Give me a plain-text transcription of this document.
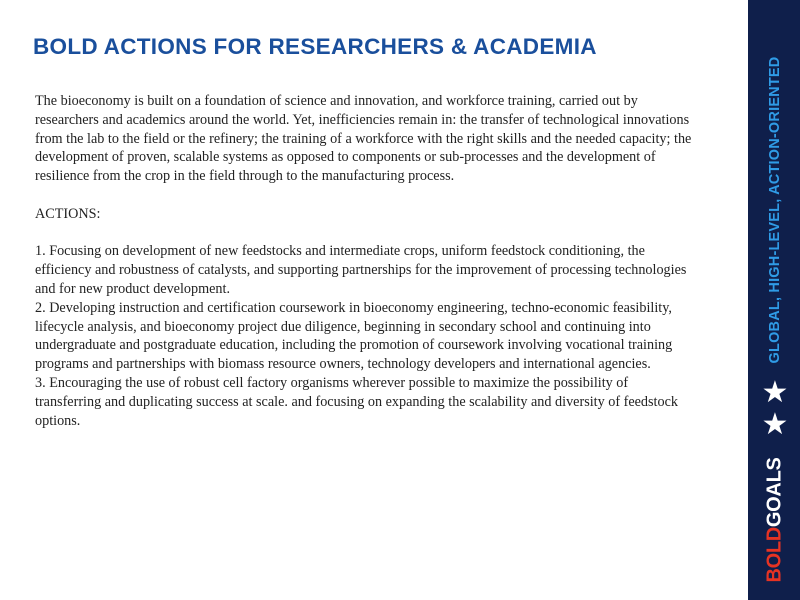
BOLD ACTIONS FOR RESEARCHERS & ACADEMIA

The bioeconomy is built on a foundation of science and innovation, and workforce training, carried out by researchers and academics around the world. Yet, inefficiencies remain in: the transfer of technological innovations from the lab to the field or the refinery; the training of a workforce with the right skills and the needed capacity; the development of proven, scalable systems as opposed to components or sub-processes and the development of resilience from the crop in the field through to the manufacturing process.

ACTIONS:

1. Focusing on development of new feedstocks and intermediate crops, uniform feedstock conditioning, the efficiency and robustness of catalysts, and supporting partnerships for the improvement of processing technologies and for new product development.

2. Developing instruction and certification coursework in bioeconomy engineering, techno-economic feasibility, lifecycle analysis, and bioeconomy project due diligence, beginning in secondary school and continuing into undergraduate and postgraduate education, including the promotion of coursework involving vocational training programs and partnerships with biomass resource owners, technology developers and international agencies.

3. Encouraging the use of robust cell factory organisms wherever possible to maximize the possibility of transferring and duplicating success at scale. and focusing on expanding the scalability and diversity of feedstock options.

GLOBAL, HIGH-LEVEL, ACTION-ORIENTED
★
★
BOLDGOALS
